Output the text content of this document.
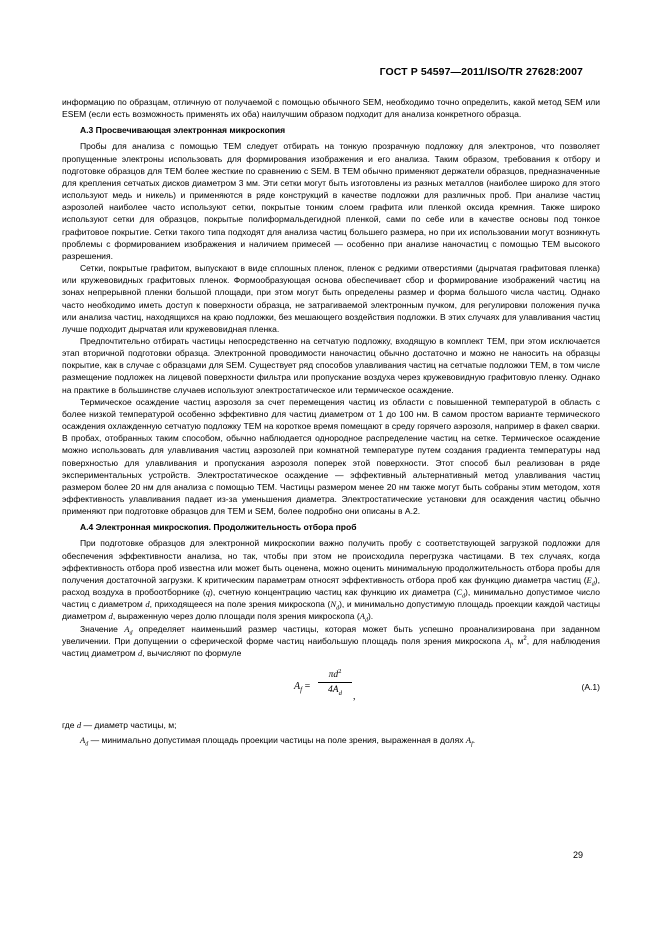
ГОСТ Р 54597—2011/ISO/TR 27628:2007

информацию по образцам, отличную от получаемой с помощью обычного SEM, необходимо точно определить, какой метод SEM или ESEM (если есть возможность применять их оба) наилучшим образом подходит для анализа конкретного образца.

А.3 Просвечивающая электронная микроскопия

Пробы для анализа с помощью ТЕМ следует отбирать на тонкую прозрачную подложку для электронов, что позволяет пропущенные электроны использовать для формирования изображения и его анализа. Таким образом, требования к отбору и подготовке образцов для ТЕМ более жесткие по сравнению с SEM. В ТЕМ обычно применяют держатели образцов, предназначенные для крепления сетчатых дисков диаметром 3 мм. Эти сетки могут быть изготовлены из разных металлов (наиболее широко для этого используют медь и никель) и применяются в ряде конструкций в качестве подложки для различных проб. При анализе частиц аэрозолей наиболее часто используют сетки, покрытые тонким слоем графита или пленкой оксида кремния. Также широко используют сетки для образцов, покрытые полиформальдегидной пленкой, сами по себе или в качестве основы под тонкое графитовое покрытие. Сетки такого типа подходят для анализа частиц большего размера, но при их использовании могут возникнуть проблемы с формированием изображения и наличием примесей — особенно при анализе наночастиц с помощью ТЕМ высокого разрешения.

Сетки, покрытые графитом, выпускают в виде сплошных пленок, пленок с редкими отверстиями (дырчатая графитовая пленка) или кружевовидных графитовых пленок. Формообразующая основа обеспечивает сбор и формирование изображений частиц на зонах непрерывной пленки большой площади, при этом могут быть определены размер и форма большого числа частиц. Однако часто необходимо иметь доступ к поверхности образца, не затрагиваемой электронным пучком, для регулировки положения пучка или анализа частиц, находящихся на краю подложки, без мешающего воздействия подложки. В этих случаях для улавливания частиц лучше подходит дырчатая или кружевовидная пленка.

Предпочтительно отбирать частицы непосредственно на сетчатую подложку, входящую в комплект ТЕМ, при этом исключается этап вторичной подготовки образца. Электронной проводимости наночастиц обычно достаточно и можно не наносить на образцы покрытие, как в случае с образцами для SEM. Существует ряд способов улавливания частиц на сетчатые подложки ТЕМ, в том числе размещение подложек на лицевой поверхности фильтра или пропускание воздуха через кружевовидную графитовую пленку. Однако на практике в большинстве случаев используют электростатическое или термическое осаждение.

Термическое осаждение частиц аэрозоля за счет перемещения частиц из области с повышенной температурой в область с более низкой температурой особенно эффективно для частиц диаметром от 1 до 100 нм. В самом простом варианте термического осаждения охлажденную сетчатую подложку ТЕМ на короткое время помещают в среду горячего аэрозоля, например в факел сварки. В пробах, отобранных таким способом, обычно наблюдается однородное распределение частиц на сетке. Термическое осаждение можно использовать для улавливания частиц аэрозолей при комнатной температуре путем создания градиента температуры над поверхностью для улавливания и пропускания аэрозоля поперек этой поверхности. Этот способ был реализован в ряде экспериментальных устройств. Электростатическое осаждение — эффективный альтернативный метод улавливания частиц размером более 20 нм для анализа с помощью ТЕМ. Частицы размером менее 20 нм также могут быть собраны этим методом, хотя эффективность улавливания падает из-за уменьшения диаметра. Электростатические установки для осаждения частиц обычно применяют при подготовке образцов для ТЕМ и SEM, более подробно они описаны в А.2.

А.4 Электронная микроскопия. Продолжительность отбора проб

При подготовке образцов для электронной микроскопии важно получить пробу с соответствующей загрузкой подложки для обеспечения эффективности анализа, но так, чтобы при этом не происходила перегрузка частицами. В тех случаях, когда эффективность отбора проб известна или может быть оценена, можно оценить минимальную продолжительность отбора пробы для получения достаточной загрузки. К критическим параметрам относят эффективность отбора проб как функцию диаметра частиц $(E_d)$, расход воздуха в пробоотборнике (q), счетную концентрацию частиц как функцию их диаметра $(C_d)$, минимально допустимое число частиц с диаметром d, приходящееся на поле зрения микроскопа $(N_d)$, и минимально допустимую площадь проекции каждой частицы диаметром d, выраженную через долю площади поля зрения микроскопа $(A_d)$.

Значение $A_d$ определяет наименьший размер частицы, которая может быть успешно проанализирована при заданном увеличении. При допущении о сферической форме частиц наибольшую площадь поля зрения микроскопа $A_f$, $м^2$, для наблюдения частиц диаметром d, вычисляют по формуле

$A_f = \frac{\pi d^2}{4A_d}$
,
(А.1)

где d — диаметр частицы, м;

$A_d$ — минимально допустимая площадь проекции частицы на поле зрения, выраженная в долях $A_f$.

29
